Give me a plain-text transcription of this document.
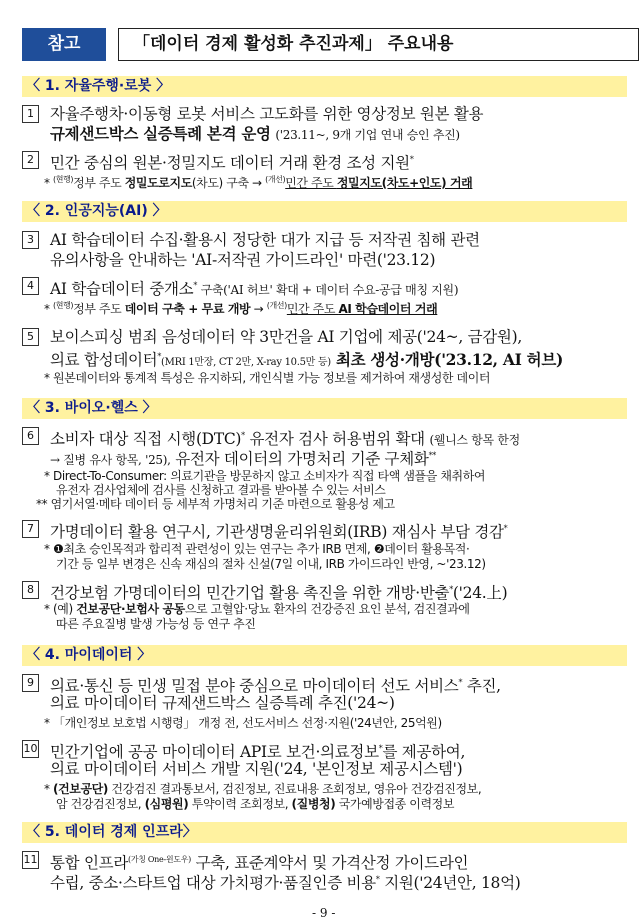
참고	「데이터 경제 활성화 추진과제」 주요내용
〈 1. 자율주행·로봇 〉
1	자율주행차·이동형 로봇 서비스 고도화를 위한 영상정보 원본 활용
규제샌드박스 실증특례 본격 운영 ('23.11~, 9개 기업 연내 승인 추진)
2	민간 중심의 원본·정밀지도 데이터 거래 환경 조성 지원*
* $^{(현행)}$정부 주도 정밀도로지도(차도) 구축 → $^{(개선)}$민간 주도 정밀지도(차도+인도) 거래
〈 2. 인공지능(AI) 〉
3	AI 학습데이터 수집·활용시 정당한 대가 지급 등 저작권 침해 관련
유의사항을 안내하는 'AI-저작권 가이드라인' 마련('23.12)
4	AI 학습데이터 중개소* 구축('AI 허브' 확대 + 데이터 수요-공급 매칭 지원)
* $^{(현행)}$정부 주도 데이터 구축 + 무료 개방 → $^{(개선)}$민간 주도 AI 학습데이터 거래
5	보이스피싱 범죄 음성데이터 약 3만건을 AI 기업에 제공('24~, 금감원),
의료 합성데이터*(MRI 1만장, CT 2만, X-ray 10.5만 등) 최초 생성·개방('23.12, AI 허브)
* 원본데이터와 통계적 특성은 유지하되, 개인식별 가능 정보를 제거하여 재생성한 데이터
〈 3. 바이오·헬스 〉
6	소비자 대상 직접 시행(DTC)* 유전자 검사 허용범위 확대 (웰니스 항목 한정
→ 질병 유사 항목, '25), 유전자 데이터의 가명처리 기준 구체화**
* Direct-To-Consumer: 의료기관을 방문하지 않고 소비자가 직접 타액 샘플을 채취하여
유전자 검사업체에 검사를 신청하고 결과를 받아볼 수 있는 서비스
** 염기서열·메타 데이터 등 세부적 가명처리 기준 마련으로 활용성 제고
7	가명데이터 활용 연구시, 기관생명윤리위원회(IRB) 재심사 부담 경감*
* ❶최초 승인목적과 합리적 관련성이 있는 연구는 추가 IRB 면제, ❷데이터 활용목적·
기간 등 일부 변경은 신속 재심의 절차 신설(7일 이내, IRB 가이드라인 반영, ~'23.12)
8	건강보험 가명데이터의 민간기업 활용 촉진을 위한 개방·반출*('24.上)
* (예) 건보공단·보험사 공동으로 고혈압·당뇨 환자의 건강증진 요인 분석, 검진결과에
따른 주요질병 발생 가능성 등 연구 추진
〈 4. 마이데이터 〉
9	의료·통신 등 민생 밀접 분야 중심으로 마이데이터 선도 서비스* 추진,
의료 마이데이터 규제샌드박스 실증특례 추진('24~)
* 「개인정보 보호법 시행령」 개정 전, 선도서비스 선정·지원('24년안, 25억원)
10 민간기업에 공공 마이데이터 API로 보건·의료정보*를 제공하여,
의료 마이데이터 서비스 개발 지원('24, '본인정보 제공시스템')
* (건보공단) 건강검진 결과통보서, 검진정보, 진료내용 조회정보, 영유아 건강검진정보,
암 건강검진정보, (심평원) 투약이력 조회정보, (질병청) 국가예방접종 이력정보
〈 5. 데이터 경제 인프라〉
11 통합 인프라$^{(가칭 One-윈도우)}$ 구축, 표준계약서 및 가격산정 가이드라인
수립, 중소·스타트업 대상 가치평가·품질인증 비용* 지원('24년안, 18억)
- 9 -
